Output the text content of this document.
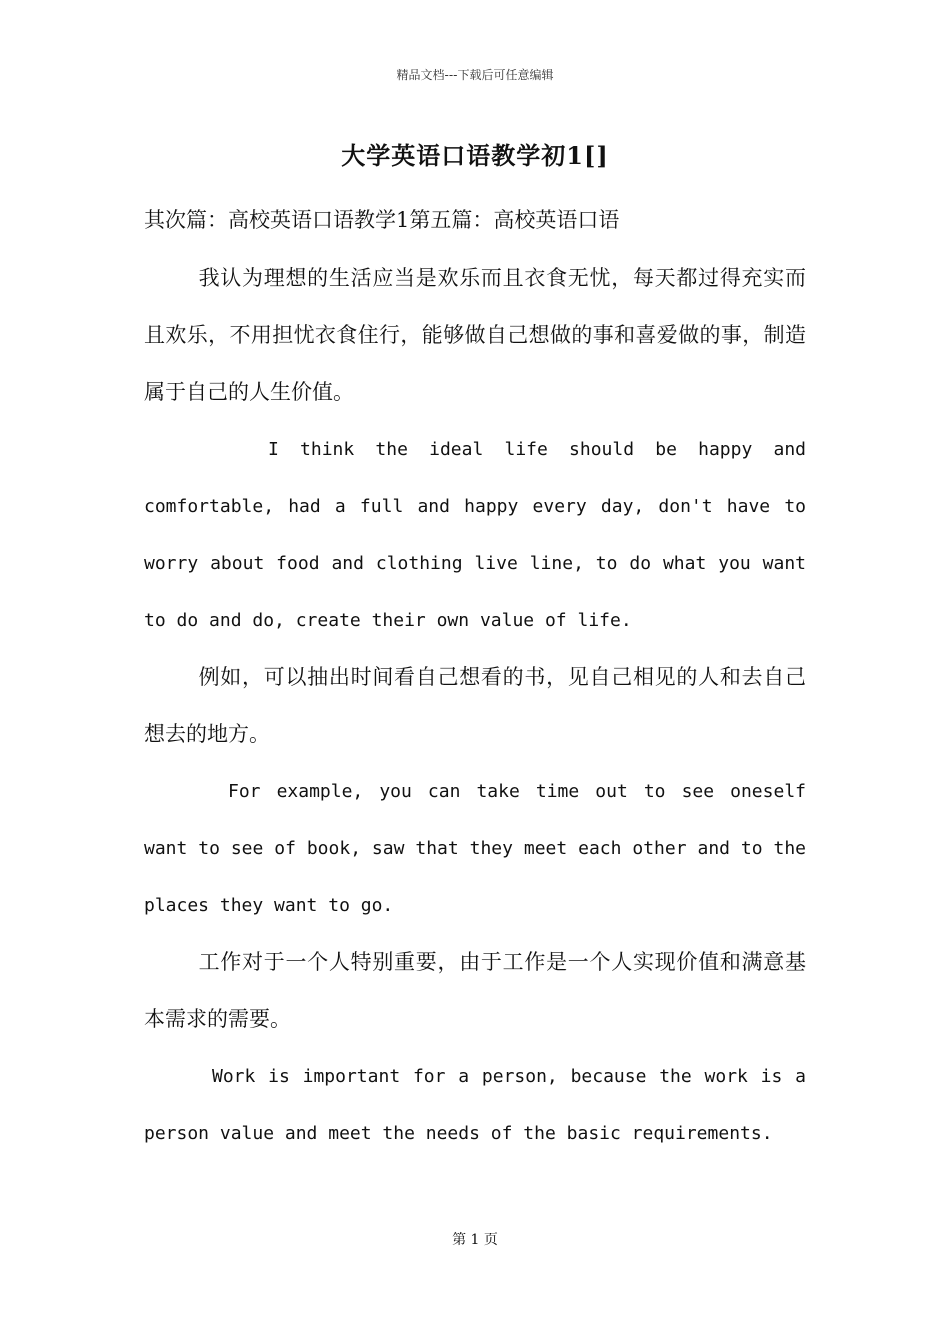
精品文档---下载后可任意编辑
大学英语口语教学初1[]

其次篇：高校英语口语教学1第五篇：高校英语口语

我认为理想的生活应当是欢乐而且衣食无忧，每天都过得充实而且欢乐，不用担忧衣食住行，能够做自己想做的事和喜爱做的事，制造属于自己的人生价值。

I think the ideal life should be happy and comfortable, had a full and happy every day, don't have to worry about food and clothing live line, to do what you want to do and do, create their own value of life.

例如，可以抽出时间看自己想看的书，见自己相见的人和去自己想去的地方。

For example, you can take time out to see oneself want to see of book, saw that they meet each other and to the places they want to go.

工作对于一个人特别重要，由于工作是一个人实现价值和满意基本需求的需要。

Work is important for a person, because the work is a person value and meet the needs of the basic requirements.

第 1 页
